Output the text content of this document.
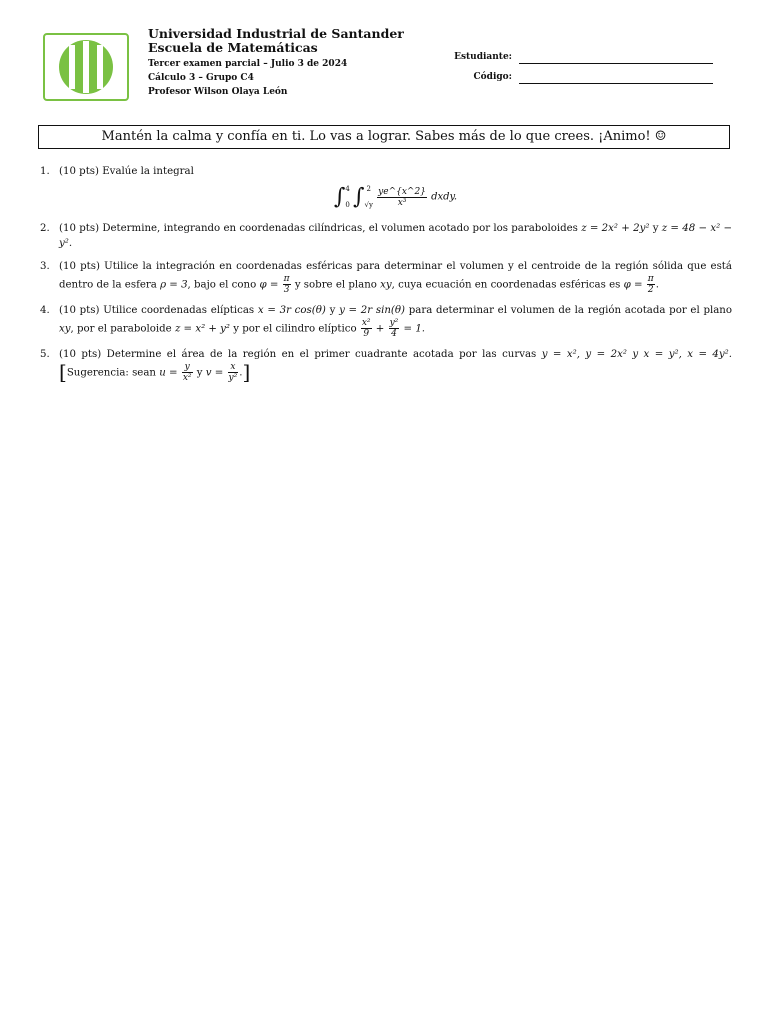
Universidad Industrial de Santander
Escuela de Matemáticas
Tercer examen parcial – Julio 3 de 2024
Cálculo 3 – Grupo C4
Profesor Wilson Olaya León
Estudiante:
Código:
Mantén la calma y confía en ti. Lo vas a lograr. Sabes más de lo que crees. ¡Animo! ☺
1. (10 pts) Evalúe la integral
∫4
0 ∫ 2
$√y \frac{ye\^{}\{x\^{}2\}}{\text{x³}}$ dxdy.
2. (10 pts) Determine, integrando en coordenadas cilíndricas, el volumen acotado por los paraboloides z = 2x² + 2y² y z = 48 − x² − y².
3. (10 pts) Utilice la integración en coordenadas esféricas para determinar el volumen y el centroide de la región sólida que está dentro de la esfera ρ = 3, bajo el cono $\varphi = \frac{\pi}{3}$ y sobre el plano xy, cuya ecuación en coordenadas esféricas es $\varphi = \frac{\pi}{2}$ .
4. (10 pts) Utilice coordenadas elípticas x = 3r cos(θ) y y = 2r sin(θ) para determinar el volumen de la región acotada por el plano xy, por el paraboloide z = x² + y² y por el cilindro elíptico $\frac{\text{x²}}{9} + \frac{\text{y²}}{4} = 1$.
5. (10 pts) Determine el área de la región en el primer cuadrante acotada por las curvas y = x², y = 2x² y x = y², x = 4y². [Sugerencia: sean $u = \frac{y}{\text{x²}}$ y $v = \frac{x}{\text{y²}}$ .]
